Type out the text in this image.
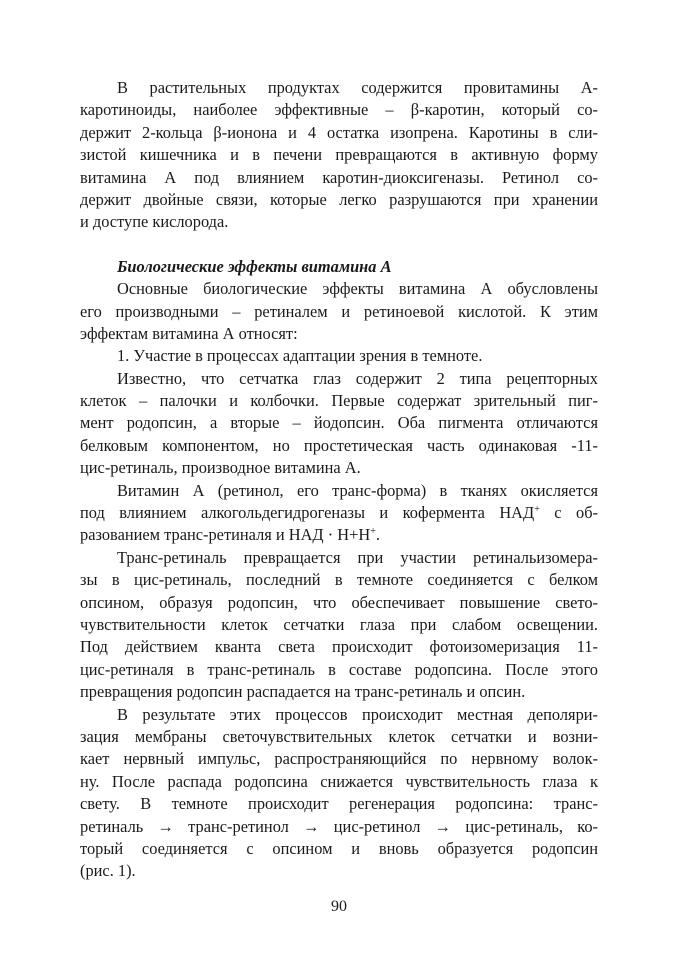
В растительных продуктах содержится провитамины А-
каротиноиды, наиболее эффективные – β-каротин, который со-
держит 2-кольца β-ионона и 4 остатка изопрена. Каротины в сли-
зистой кишечника и в печени превращаются в активную форму
витамина А под влиянием каротин-диоксигеназы. Ретинол со-
держит двойные связи, которые легко разрушаются при хранении
и доступе кислорода.
Биологические эффекты витамина А
Основные биологические эффекты витамина А обусловлены
его производными – ретиналем и ретиноевой кислотой. К этим
эффектам витамина А относят:
1. Участие в процессах адаптации зрения в темноте.
Известно, что сетчатка глаз содержит 2 типа рецепторных
клеток – палочки и колбочки. Первые содержат зрительный пиг-
мент родопсин, а вторые – йодопсин. Оба пигмента отличаются
белковым компонентом, но простетическая часть одинаковая -11-
цис-ретиналь, производное витамина А.
Витамин А (ретинол, его транс-форма) в тканях окисляется
под влиянием алкогольдегидрогеназы и кофермента НАД+ с об-
разованием транс-ретиналя и НАД · Н+Н+.
Транс-ретиналь превращается при участии ретинальизомера-
зы в цис-ретиналь, последний в темноте соединяется с белком
опсином, образуя родопсин, что обеспечивает повышение свето-
чувствительности клеток сетчатки глаза при слабом освещении.
Под действием кванта света происходит фотоизомеризация 11-
цис-ретиналя в транс-ретиналь в составе родопсина. После этого
превращения родопсин распадается на транс-ретиналь и опсин.
В результате этих процессов происходит местная деполяри-
зация мембраны светочувствительных клеток сетчатки и возни-
кает нервный импульс, распространяющийся по нервному волок-
ну. После распада родопсина снижается чувствительность глаза к
свету. В темноте происходит регенерация родопсина: транс-
ретиналь → транс-ретинол → цис-ретинол → цис-ретиналь, ко-
торый соединяется с опсином и вновь образуется родопсин
(рис. 1).
90
